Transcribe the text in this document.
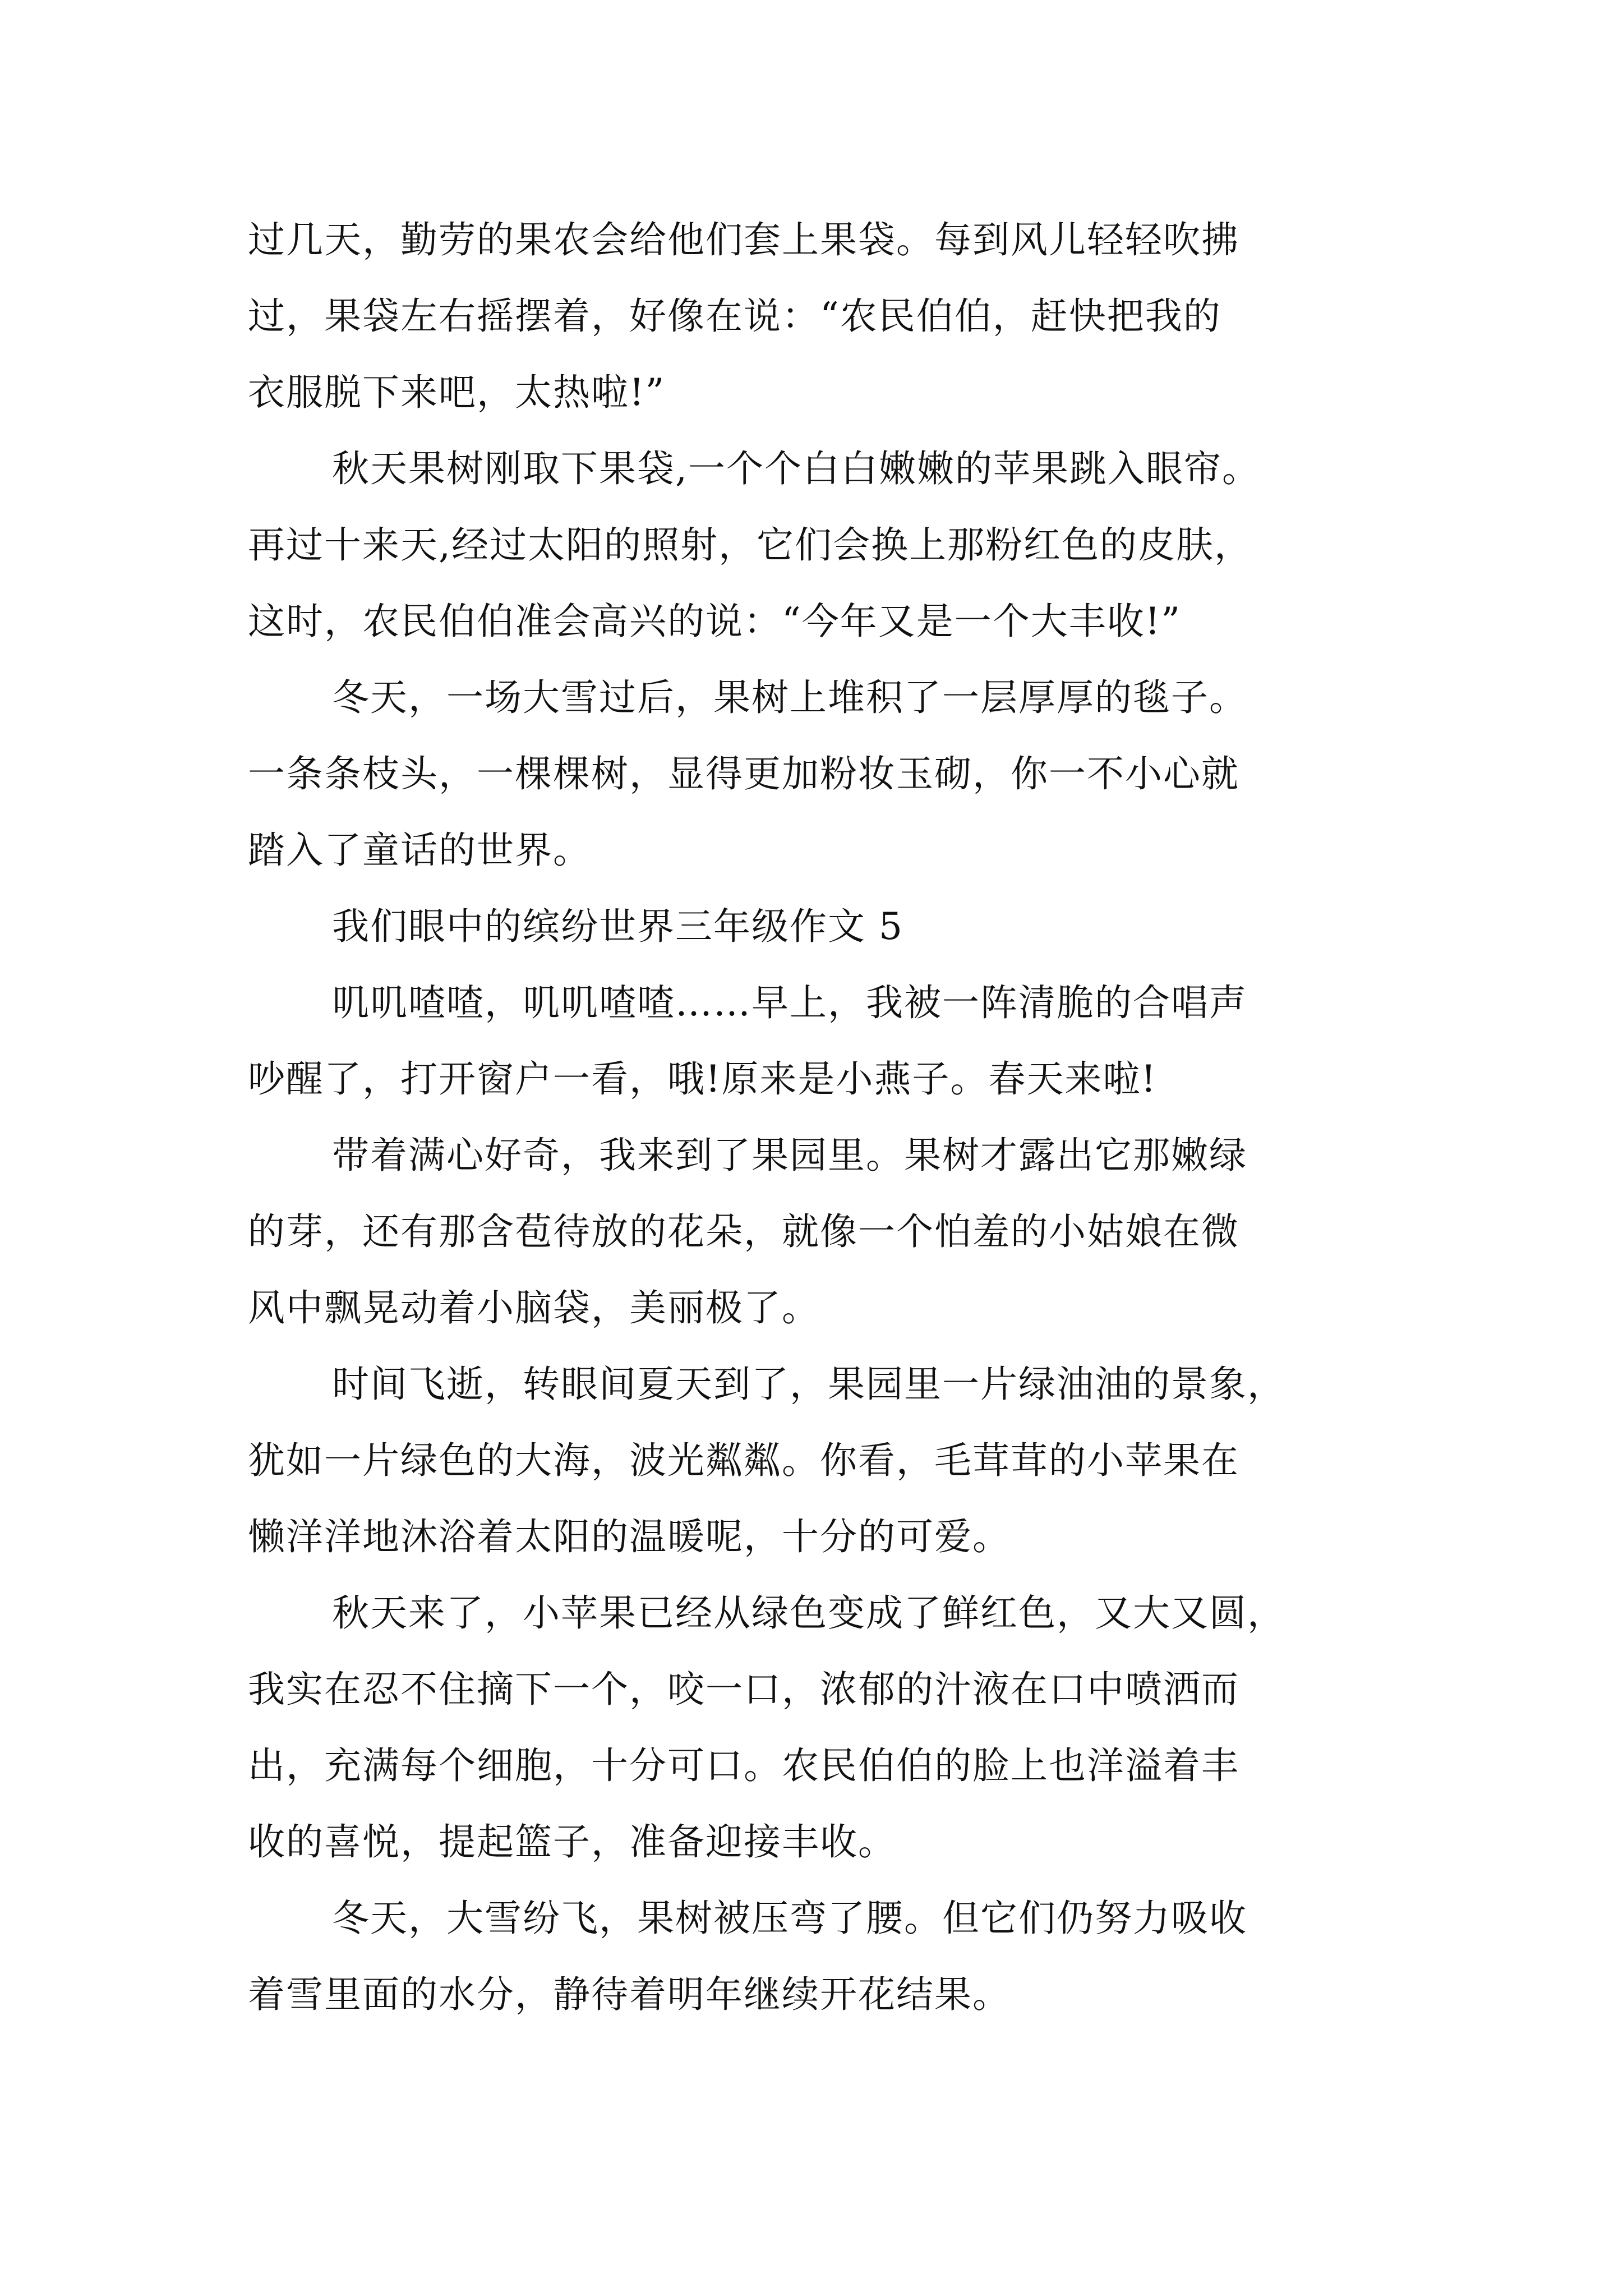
过几天，勤劳的果农会给他们套上果袋。每到风儿轻轻吹拂
过，果袋左右摇摆着，好像在说：“农民伯伯，赶快把我的
衣服脱下来吧，太热啦!”
秋天果树刚取下果袋,一个个白白嫩嫩的苹果跳入眼帘。
再过十来天,经过太阳的照射，它们会换上那粉红色的皮肤，
这时，农民伯伯准会高兴的说：“今年又是一个大丰收!”
冬天，一场大雪过后，果树上堆积了一层厚厚的毯子。
一条条枝头，一棵棵树，显得更加粉妆玉砌，你一不小心就
踏入了童话的世界。
我们眼中的缤纷世界三年级作文 5
叽叽喳喳，叽叽喳喳……早上，我被一阵清脆的合唱声
吵醒了，打开窗户一看，哦!原来是小燕子。春天来啦!
带着满心好奇，我来到了果园里。果树才露出它那嫩绿
的芽，还有那含苞待放的花朵，就像一个怕羞的小姑娘在微
风中飘晃动着小脑袋，美丽极了。
时间飞逝，转眼间夏天到了，果园里一片绿油油的景象，
犹如一片绿色的大海，波光粼粼。你看，毛茸茸的小苹果在
懒洋洋地沐浴着太阳的温暖呢，十分的可爱。
秋天来了，小苹果已经从绿色变成了鲜红色，又大又圆，
我实在忍不住摘下一个，咬一口，浓郁的汁液在口中喷洒而
出，充满每个细胞，十分可口。农民伯伯的脸上也洋溢着丰
收的喜悦，提起篮子，准备迎接丰收。
冬天，大雪纷飞，果树被压弯了腰。但它们仍努力吸收
着雪里面的水分，静待着明年继续开花结果。
